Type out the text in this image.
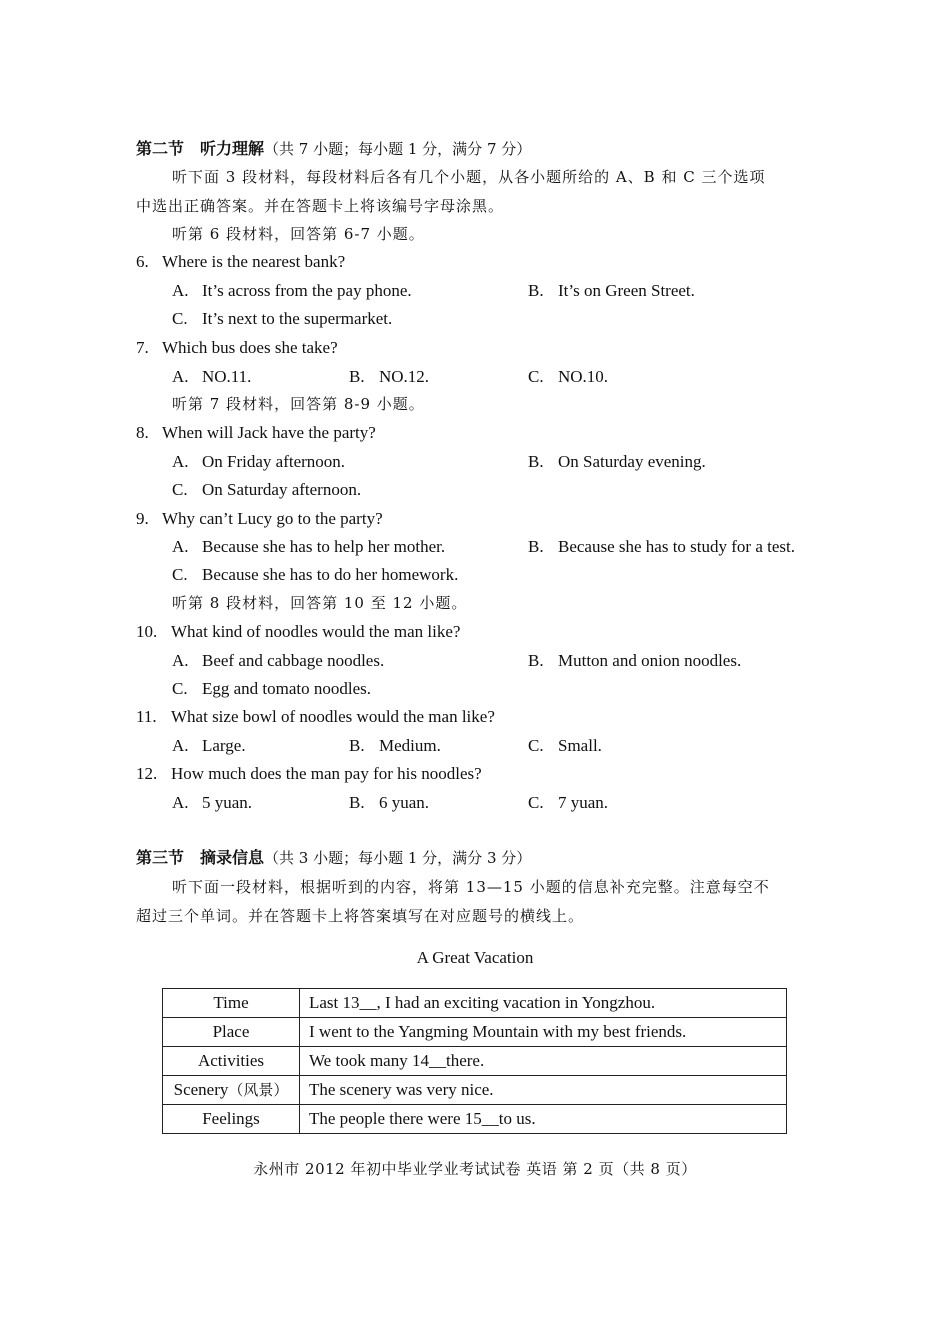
第二节　听力理解（共 7 小题；每小题 1 分，满分 7 分）
听下面 3 段材料，每段材料后各有几个小题，从各小题所给的 A、B 和 C 三个选项
中选出正确答案。并在答题卡上将该编号字母涂黑。
听第 6 段材料，回答第 6-7 小题。
6. Where is the nearest bank?
A. It’s across from the pay phone.	B. It’s on Green Street.
C. It’s next to the supermarket.
7. Which bus does she take?
A. NO.11.	B. NO.12.	C. NO.10.
听第 7 段材料，回答第 8-9 小题。
8. When will Jack have the party?
A. On Friday afternoon.	B. On Saturday evening.
C. On Saturday afternoon.
9. Why can’t Lucy go to the party?
A. Because she has to help her mother.	B. Because she has to study for a test.
C. Because she has to do her homework.
听第 8 段材料，回答第 10 至 12 小题。
10. What kind of noodles would the man like?
A. Beef and cabbage noodles.	B. Mutton and onion noodles.
C. Egg and tomato noodles.
11. What size bowl of noodles would the man like?
A. Large.	B. Medium.	C. Small.
12. How much does the man pay for his noodles?
A. 5 yuan.	B. 6 yuan.	C. 7 yuan.
第三节　摘录信息（共 3 小题；每小题 1 分，满分 3 分）
听下面一段材料，根据听到的内容，将第 13—15 小题的信息补充完整。注意每空不
超过三个单词。并在答题卡上将答案填写在对应题号的横线上。
A Great Vacation
Time	Last 13__, I had an exciting vacation in Yongzhou.
Place	I went to the Yangming Mountain with my best friends.
Activities	We took many 14__there.
Scenery（风景）	The scenery was very nice.
Feelings	The people there were 15__to us.
永州市 2012 年初中毕业学业考试试卷 英语 第 2 页（共 8 页）
